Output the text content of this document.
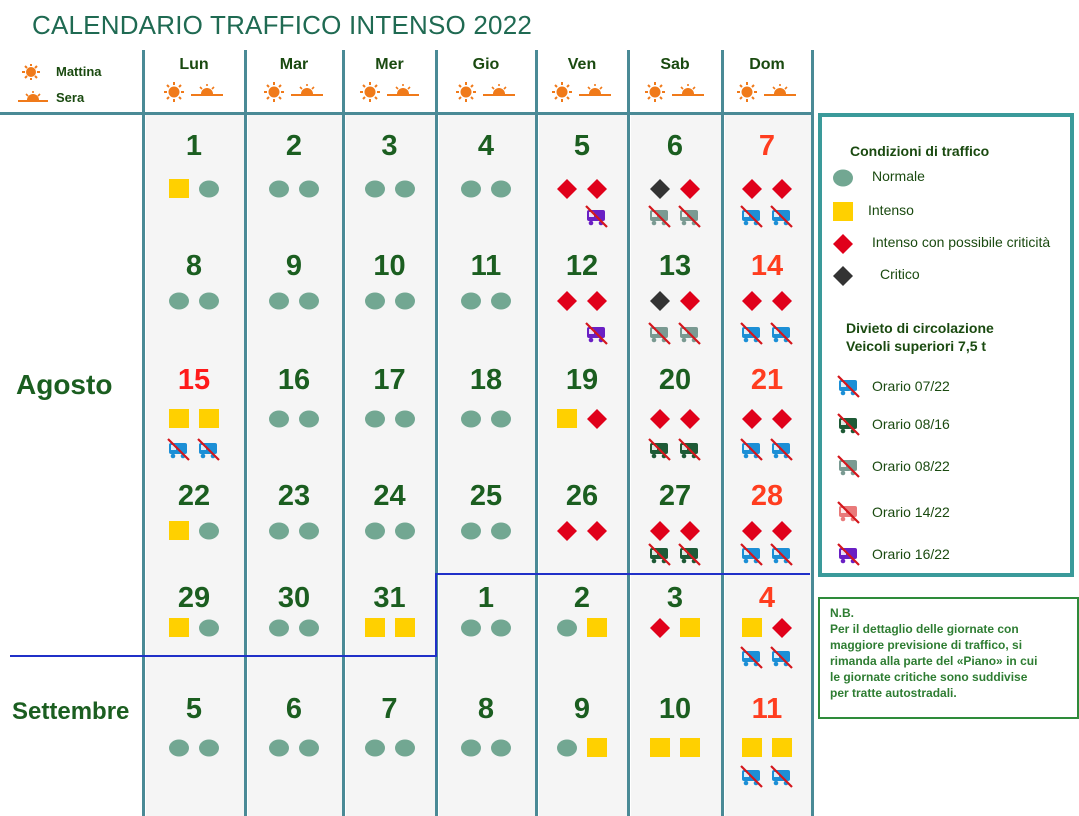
CALENDARIO TRAFFICO INTENSO 2022
Mattina
Sera
Lun	Mar	Mer	Gio	Ven	Sab	Dom
1	2	3	4	5	6	7
8	9	10	11	12	13	14
15	16	17	18	19	20	21
22	23	24	25	26	27	28
29	30	31	1	2	3	4
5	6	7	8	9	10	11
Agosto
Settembre
Condizioni di traffico
Normale
Intenso
Intenso con possibile criticità
Critico
Divieto di circolazione
Veicoli superiori 7,5 t
Orario 07/22
Orario 08/16
Orario 08/22
Orario 14/22
Orario 16/22

N.B.
Per il dettaglio delle giornate con
maggiore previsione di traffico, si
rimanda alla parte del «Piano» in cui
le giornate critiche sono suddivise
per tratte autostradali.
